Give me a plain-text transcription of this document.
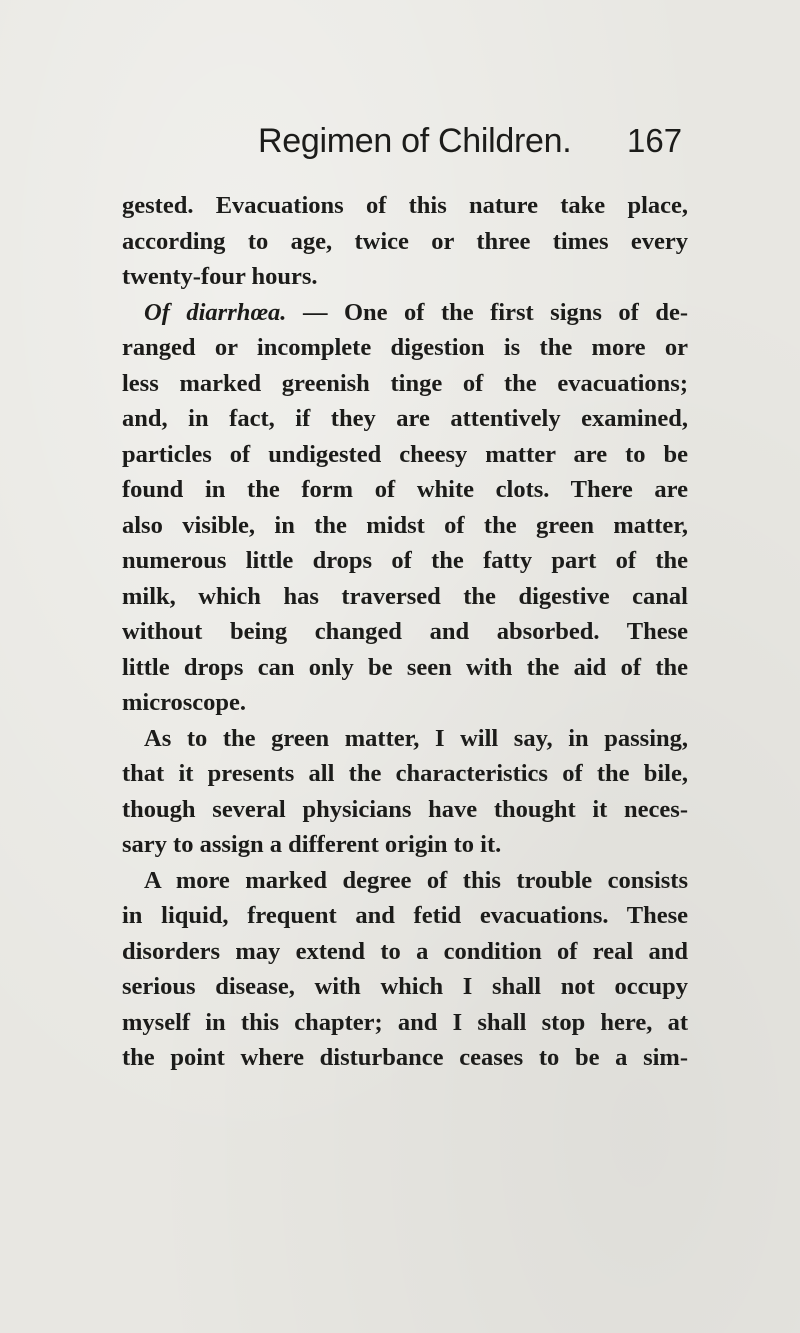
Regimen of Children. 167
gested. Evacuations of this nature take place,
according to age, twice or three times every
twenty-four hours.
Of diarrhœa. — One of the first signs of de-
ranged or incomplete digestion is the more or
less marked greenish tinge of the evacuations;
and, in fact, if they are attentively examined,
particles of undigested cheesy matter are to be
found in the form of white clots. There are
also visible, in the midst of the green matter,
numerous little drops of the fatty part of the
milk, which has traversed the digestive canal
without being changed and absorbed. These
little drops can only be seen with the aid of the
microscope.
As to the green matter, I will say, in passing,
that it presents all the characteristics of the bile,
though several physicians have thought it neces-
sary to assign a different origin to it.
A more marked degree of this trouble consists
in liquid, frequent and fetid evacuations. These
disorders may extend to a condition of real and
serious disease, with which I shall not occupy
myself in this chapter; and I shall stop here, at
the point where disturbance ceases to be a sim-
